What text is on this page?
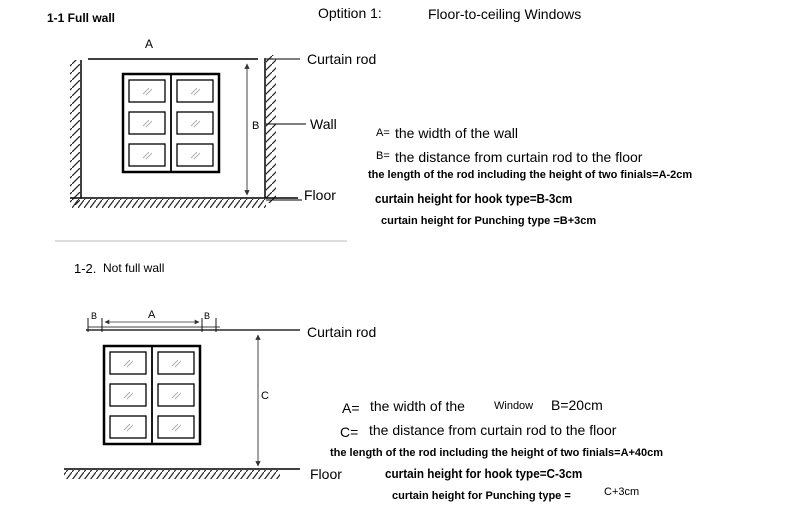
1-1 Full wall	Optition 1:	Floor-to-ceiling Windows
A
B
Curtain rod
Wall
Floor
A= the width of the wall
B= the distance from curtain rod to the floor
the length of the rod including the height of two finials=A-2cm
curtain height for hook type=B-3cm
curtain height for Punching type =B+3cm
1-2. Not full wall
A
B	B
C
Curtain rod
Floor
A= the width of the	Window B=20cm
C= the distance from curtain rod to the floor
the length of the rod including the height of two finials=A+40cm
curtain height for hook type=C-3cm
curtain height for Punching type =	C+3cm
